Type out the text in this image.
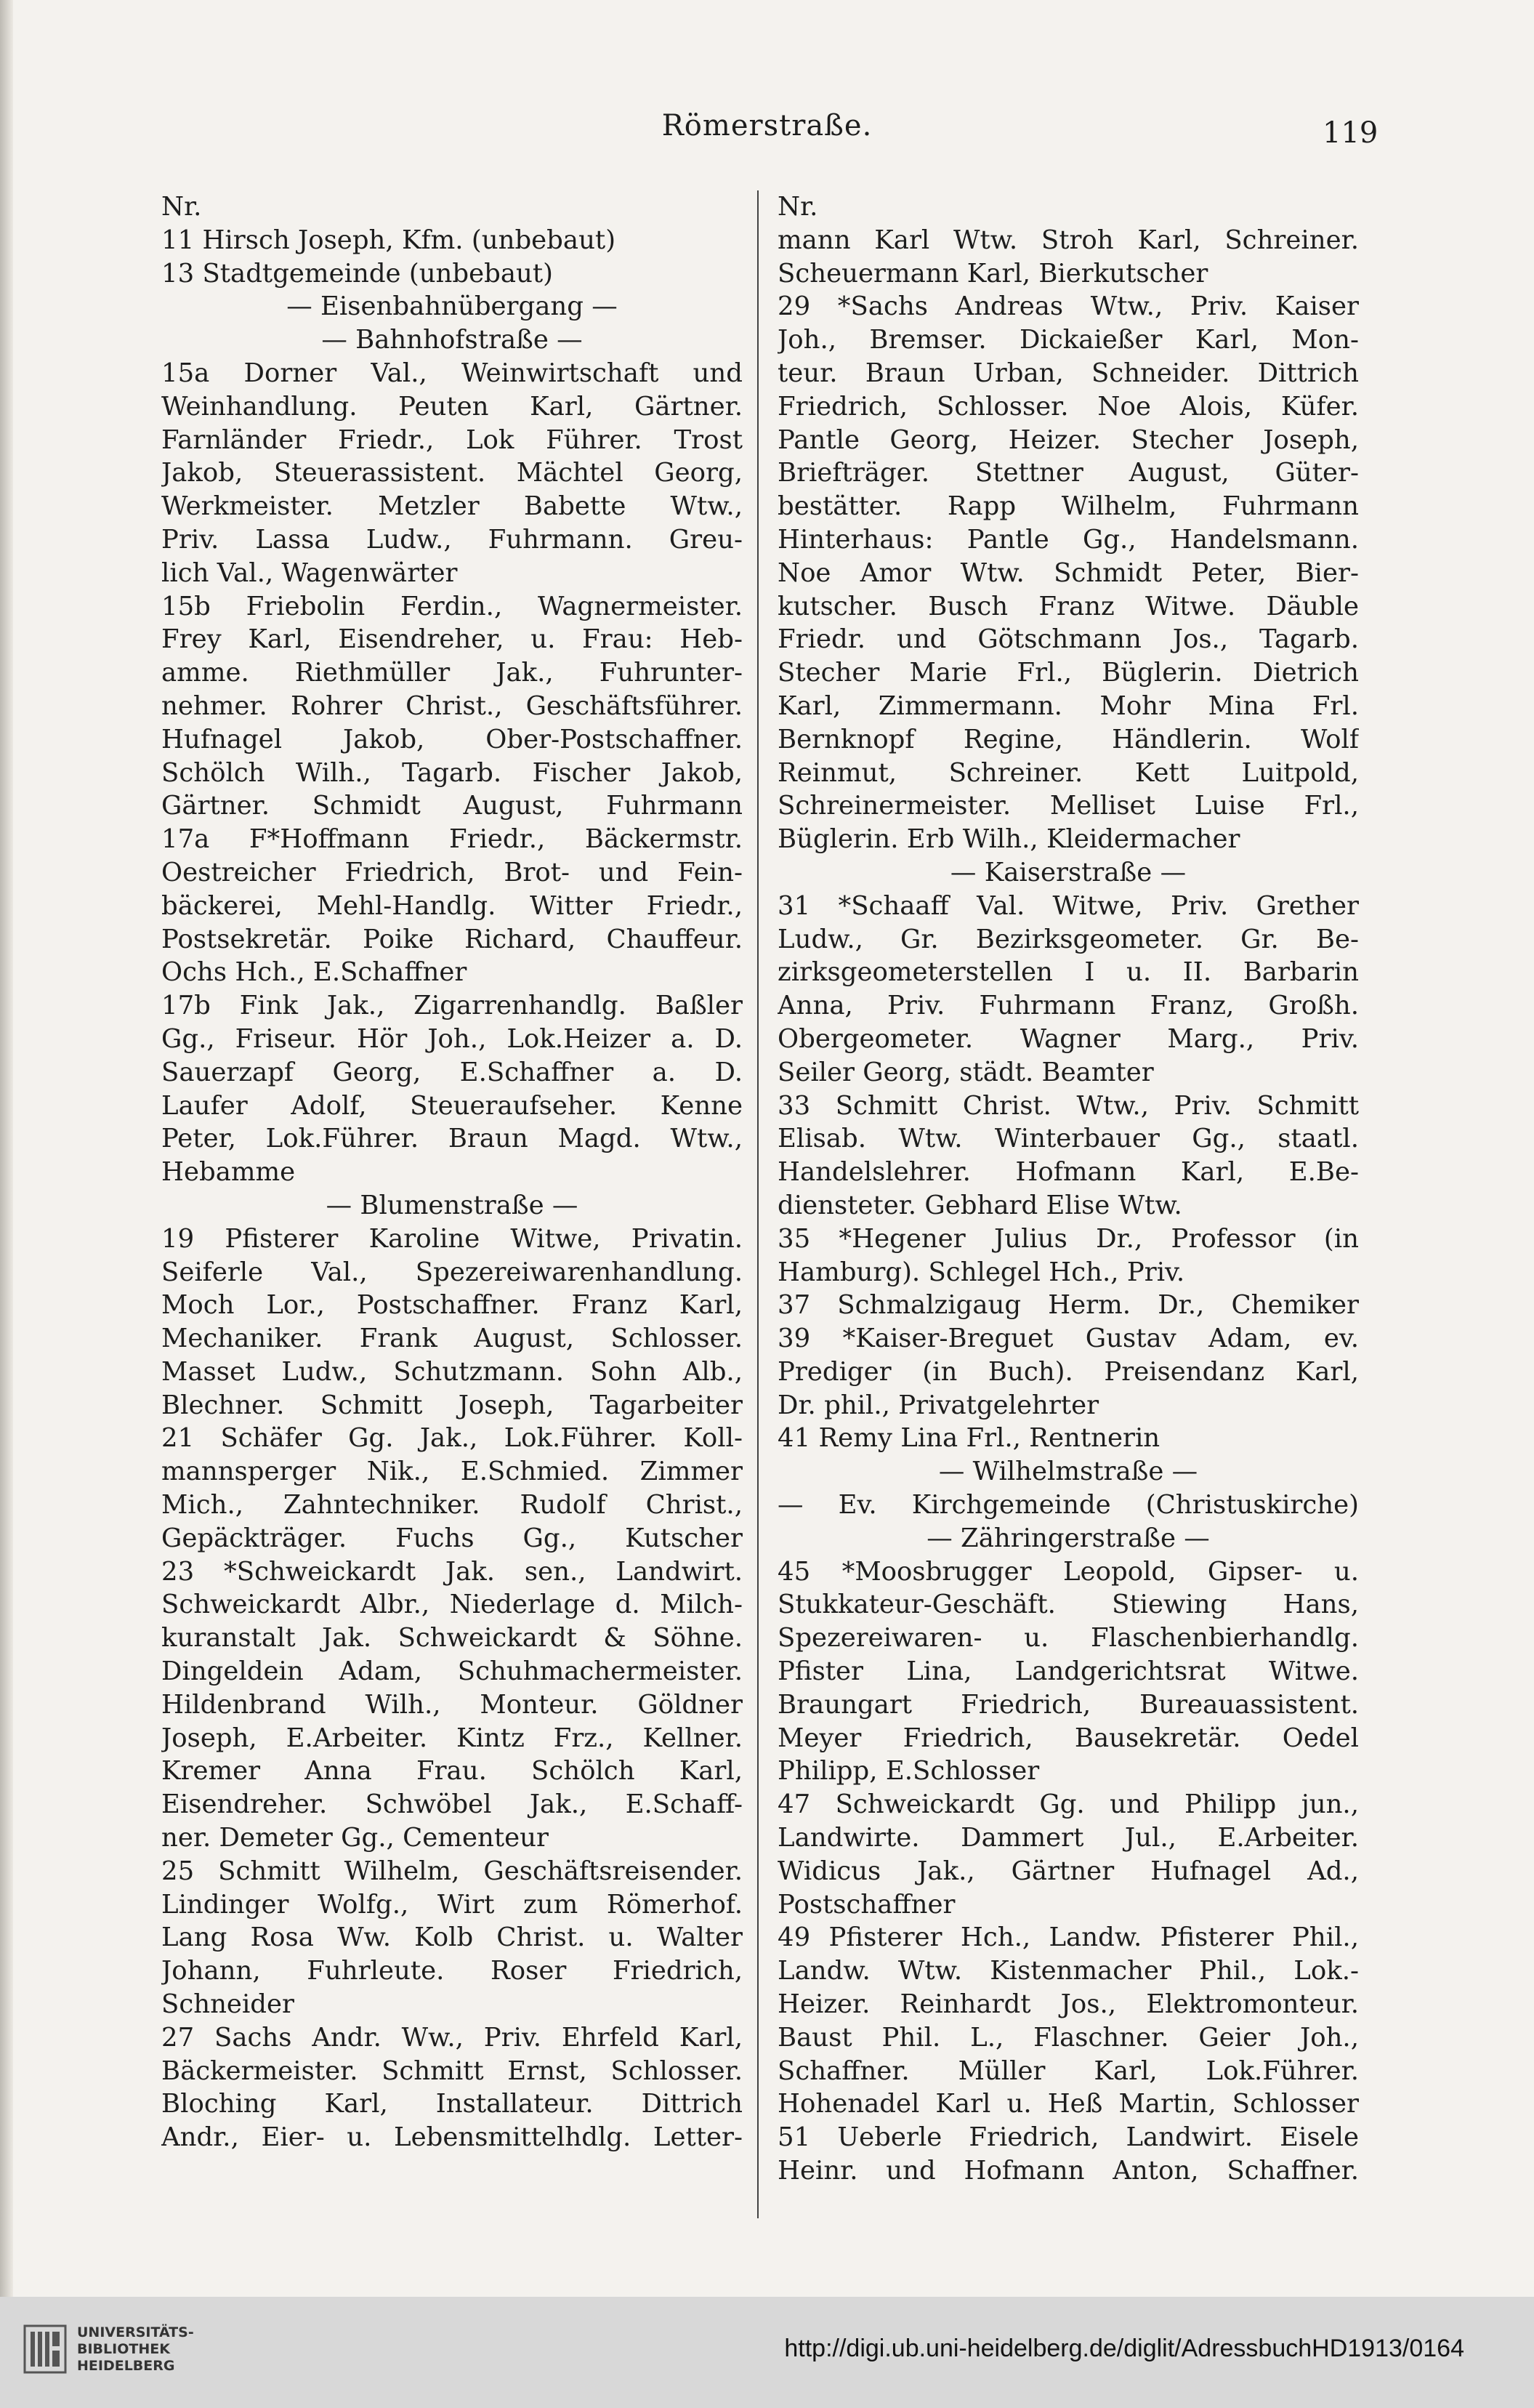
Römerstraße.	119
Nr.
11 Hirsch Joseph, Kfm. (unbebaut)
13 Stadtgemeinde (unbebaut)
— Eisenbahnübergang —
— Bahnhofstraße —
15a Dorner Val., Weinwirtschaft und
Weinhandlung. Peuten Karl, Gärtner.
Farnländer Friedr., Lok Führer. Trost
Jakob, Steuerassistent. Mächtel Georg,
Werkmeister. Metzler Babette Wtw.,
Priv. Lassa Ludw., Fuhrmann. Greu-
lich Val., Wagenwärter
15b Friebolin Ferdin., Wagnermeister.
Frey Karl, Eisendreher, u. Frau: Heb-
amme. Riethmüller Jak., Fuhrunter-
nehmer. Rohrer Christ., Geschäftsführer.
Hufnagel Jakob, Ober-Postschaffner.
Schölch Wilh., Tagarb. Fischer Jakob,
Gärtner. Schmidt August, Fuhrmann
17a F*Hoffmann Friedr., Bäckermstr.
Oestreicher Friedrich, Brot- und Fein-
bäckerei, Mehl-Handlg. Witter Friedr.,
Postsekretär. Poike Richard, Chauffeur.
Ochs Hch., E.Schaffner
17b Fink Jak., Zigarrenhandlg. Baßler
Gg., Friseur. Hör Joh., Lok.Heizer a. D.
Sauerzapf Georg, E.Schaffner a. D.
Laufer Adolf, Steueraufseher. Kenne
Peter, Lok.Führer. Braun Magd. Wtw.,
Hebamme
— Blumenstraße —
19 Pfisterer Karoline Witwe, Privatin.
Seiferle Val., Spezereiwarenhandlung.
Moch Lor., Postschaffner. Franz Karl,
Mechaniker. Frank August, Schlosser.
Masset Ludw., Schutzmann. Sohn Alb.,
Blechner. Schmitt Joseph, Tagarbeiter
21 Schäfer Gg. Jak., Lok.Führer. Koll-
mannsperger Nik., E.Schmied. Zimmer
Mich., Zahntechniker. Rudolf Christ.,
Gepäckträger. Fuchs Gg., Kutscher
23 *Schweickardt Jak. sen., Landwirt.
Schweickardt Albr., Niederlage d. Milch-
kuranstalt Jak. Schweickardt & Söhne.
Dingeldein Adam, Schuhmachermeister.
Hildenbrand Wilh., Monteur. Göldner
Joseph, E.Arbeiter. Kintz Frz., Kellner.
Kremer Anna Frau. Schölch Karl,
Eisendreher. Schwöbel Jak., E.Schaff-
ner. Demeter Gg., Cementeur
25 Schmitt Wilhelm, Geschäftsreisender.
Lindinger Wolfg., Wirt zum Römerhof.
Lang Rosa Ww. Kolb Christ. u. Walter
Johann, Fuhrleute. Roser Friedrich,
Schneider
27 Sachs Andr. Ww., Priv. Ehrfeld Karl,
Bäckermeister. Schmitt Ernst, Schlosser.
Bloching Karl, Installateur. Dittrich
Andr., Eier- u. Lebensmittelhdlg. Letter-
Nr.
mann Karl Wtw. Stroh Karl, Schreiner.
Scheuermann Karl, Bierkutscher
29 *Sachs Andreas Wtw., Priv. Kaiser
Joh., Bremser. Dickaießer Karl, Mon-
teur. Braun Urban, Schneider. Dittrich
Friedrich, Schlosser. Noe Alois, Küfer.
Pantle Georg, Heizer. Stecher Joseph,
Briefträger. Stettner August, Güter-
bestätter. Rapp Wilhelm, Fuhrmann
Hinterhaus: Pantle Gg., Handelsmann.
Noe Amor Wtw. Schmidt Peter, Bier-
kutscher. Busch Franz Witwe. Däuble
Friedr. und Götschmann Jos., Tagarb.
Stecher Marie Frl., Büglerin. Dietrich
Karl, Zimmermann. Mohr Mina Frl.
Bernknopf Regine, Händlerin. Wolf
Reinmut, Schreiner. Kett Luitpold,
Schreinermeister. Melliset Luise Frl.,
Büglerin. Erb Wilh., Kleidermacher
— Kaiserstraße —
31 *Schaaff Val. Witwe, Priv. Grether
Ludw., Gr. Bezirksgeometer. Gr. Be-
zirksgeometerstellen I u. II. Barbarin
Anna, Priv. Fuhrmann Franz, Großh.
Obergeometer. Wagner Marg., Priv.
Seiler Georg, städt. Beamter
33 Schmitt Christ. Wtw., Priv. Schmitt
Elisab. Wtw. Winterbauer Gg., staatl.
Handelslehrer. Hofmann Karl, E.Be-
diensteter. Gebhard Elise Wtw.
35 *Hegener Julius Dr., Professor (in
Hamburg). Schlegel Hch., Priv.
37 Schmalzigaug Herm. Dr., Chemiker
39 *Kaiser-Breguet Gustav Adam, ev.
Prediger (in Buch). Preisendanz Karl,
Dr. phil., Privatgelehrter
41 Remy Lina Frl., Rentnerin
— Wilhelmstraße —
— Ev. Kirchgemeinde (Christuskirche)
— Zähringerstraße —
45 *Moosbrugger Leopold, Gipser- u.
Stukkateur-Geschäft. Stiewing Hans,
Spezereiwaren- u. Flaschenbierhandlg.
Pfister Lina, Landgerichtsrat Witwe.
Braungart Friedrich, Bureauassistent.
Meyer Friedrich, Bausekretär. Oedel
Philipp, E.Schlosser
47 Schweickardt Gg. und Philipp jun.,
Landwirte. Dammert Jul., E.Arbeiter.
Widicus Jak., Gärtner Hufnagel Ad.,
Postschaffner
49 Pfisterer Hch., Landw. Pfisterer Phil.,
Landw. Wtw. Kistenmacher Phil., Lok.-
Heizer. Reinhardt Jos., Elektromonteur.
Baust Phil. L., Flaschner. Geier Joh.,
Schaffner. Müller Karl, Lok.Führer.
Hohenadel Karl u. Heß Martin, Schlosser
51 Ueberle Friedrich, Landwirt. Eisele
Heinr. und Hofmann Anton, Schaffner.
UNIVERSITÄTS-
BIBLIOTHEK
HEIDELBERG
http://digi.ub.uni-heidelberg.de/diglit/AdressbuchHD1913/0164
